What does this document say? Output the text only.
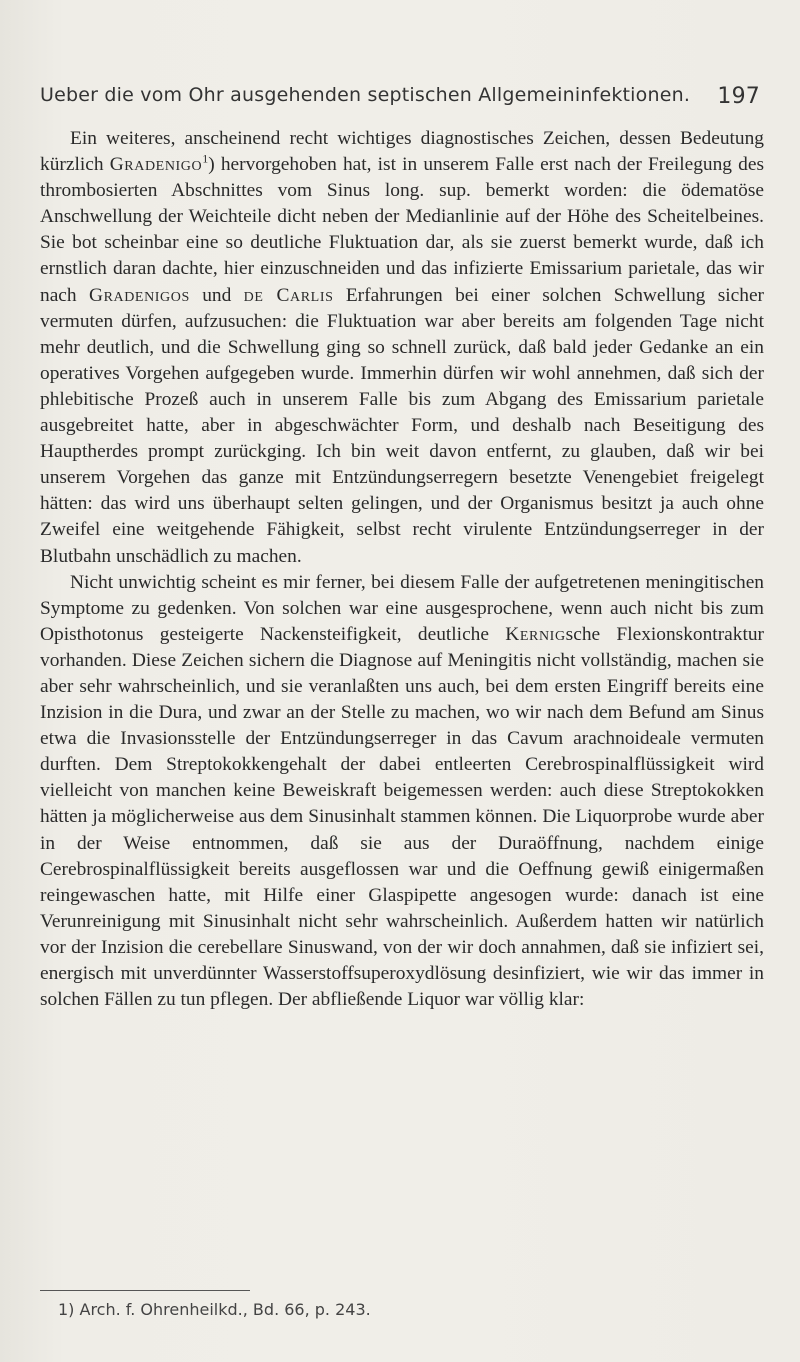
Ueber die vom Ohr ausgehenden septischen Allgemeininfektionen. 197

Ein weiteres, anscheinend recht wichtiges diagnostisches Zeichen, dessen Bedeutung kürzlich Gradenigo$^1$) hervorgehoben hat, ist in unserem Falle erst nach der Freilegung des thrombosierten Abschnittes vom Sinus long. sup. bemerkt worden: die ödematöse Anschwellung der Weichteile dicht neben der Medianlinie auf der Höhe des Scheitelbeines. Sie bot scheinbar eine so deutliche Fluktuation dar, als sie zuerst bemerkt wurde, daß ich ernstlich daran dachte, hier einzuschneiden und das infizierte Emissarium parietale, das wir nach Gradenigos und de Carlis Erfahrungen bei einer solchen Schwellung sicher vermuten dürfen, aufzusuchen: die Fluktuation war aber bereits am folgenden Tage nicht mehr deutlich, und die Schwellung ging so schnell zurück, daß bald jeder Gedanke an ein operatives Vorgehen aufgegeben wurde. Immerhin dürfen wir wohl annehmen, daß sich der phlebitische Prozeß auch in unserem Falle bis zum Abgang des Emissarium parietale ausgebreitet hatte, aber in abgeschwächter Form, und deshalb nach Beseitigung des Hauptherdes prompt zurückging. Ich bin weit davon entfernt, zu glauben, daß wir bei unserem Vorgehen das ganze mit Entzündungserregern besetzte Venengebiet freigelegt hätten: das wird uns überhaupt selten gelingen, und der Organismus besitzt ja auch ohne Zweifel eine weitgehende Fähigkeit, selbst recht virulente Entzündungserreger in der Blutbahn unschädlich zu machen.

Nicht unwichtig scheint es mir ferner, bei diesem Falle der aufgetretenen meningitischen Symptome zu gedenken. Von solchen war eine ausgesprochene, wenn auch nicht bis zum Opisthotonus gesteigerte Nackensteifigkeit, deutliche Kernigsche Flexionskontraktur vorhanden. Diese Zeichen sichern die Diagnose auf Meningitis nicht vollständig, machen sie aber sehr wahrscheinlich, und sie veranlaßten uns auch, bei dem ersten Eingriff bereits eine Inzision in die Dura, und zwar an der Stelle zu machen, wo wir nach dem Befund am Sinus etwa die Invasionsstelle der Entzündungserreger in das Cavum arachnoideale vermuten durften. Dem Streptokokkengehalt der dabei entleerten Cerebrospinalflüssigkeit wird vielleicht von manchen keine Beweiskraft beigemessen werden: auch diese Streptokokken hätten ja möglicherweise aus dem Sinusinhalt stammen können. Die Liquorprobe wurde aber in der Weise entnommen, daß sie aus der Duraöffnung, nachdem einige Cerebrospinalflüssigkeit bereits ausgeflossen war und die Oeffnung gewiß einigermaßen reingewaschen hatte, mit Hilfe einer Glaspipette angesogen wurde: danach ist eine Verunreinigung mit Sinusinhalt nicht sehr wahrscheinlich. Außerdem hatten wir natürlich vor der Inzision die cerebellare Sinuswand, von der wir doch annahmen, daß sie infiziert sei, energisch mit unverdünnter Wasserstoffsuperoxydlösung desinfiziert, wie wir das immer in solchen Fällen zu tun pflegen. Der abfließende Liquor war völlig klar:

1) Arch. f. Ohrenheilkd., Bd. 66, p. 243.
